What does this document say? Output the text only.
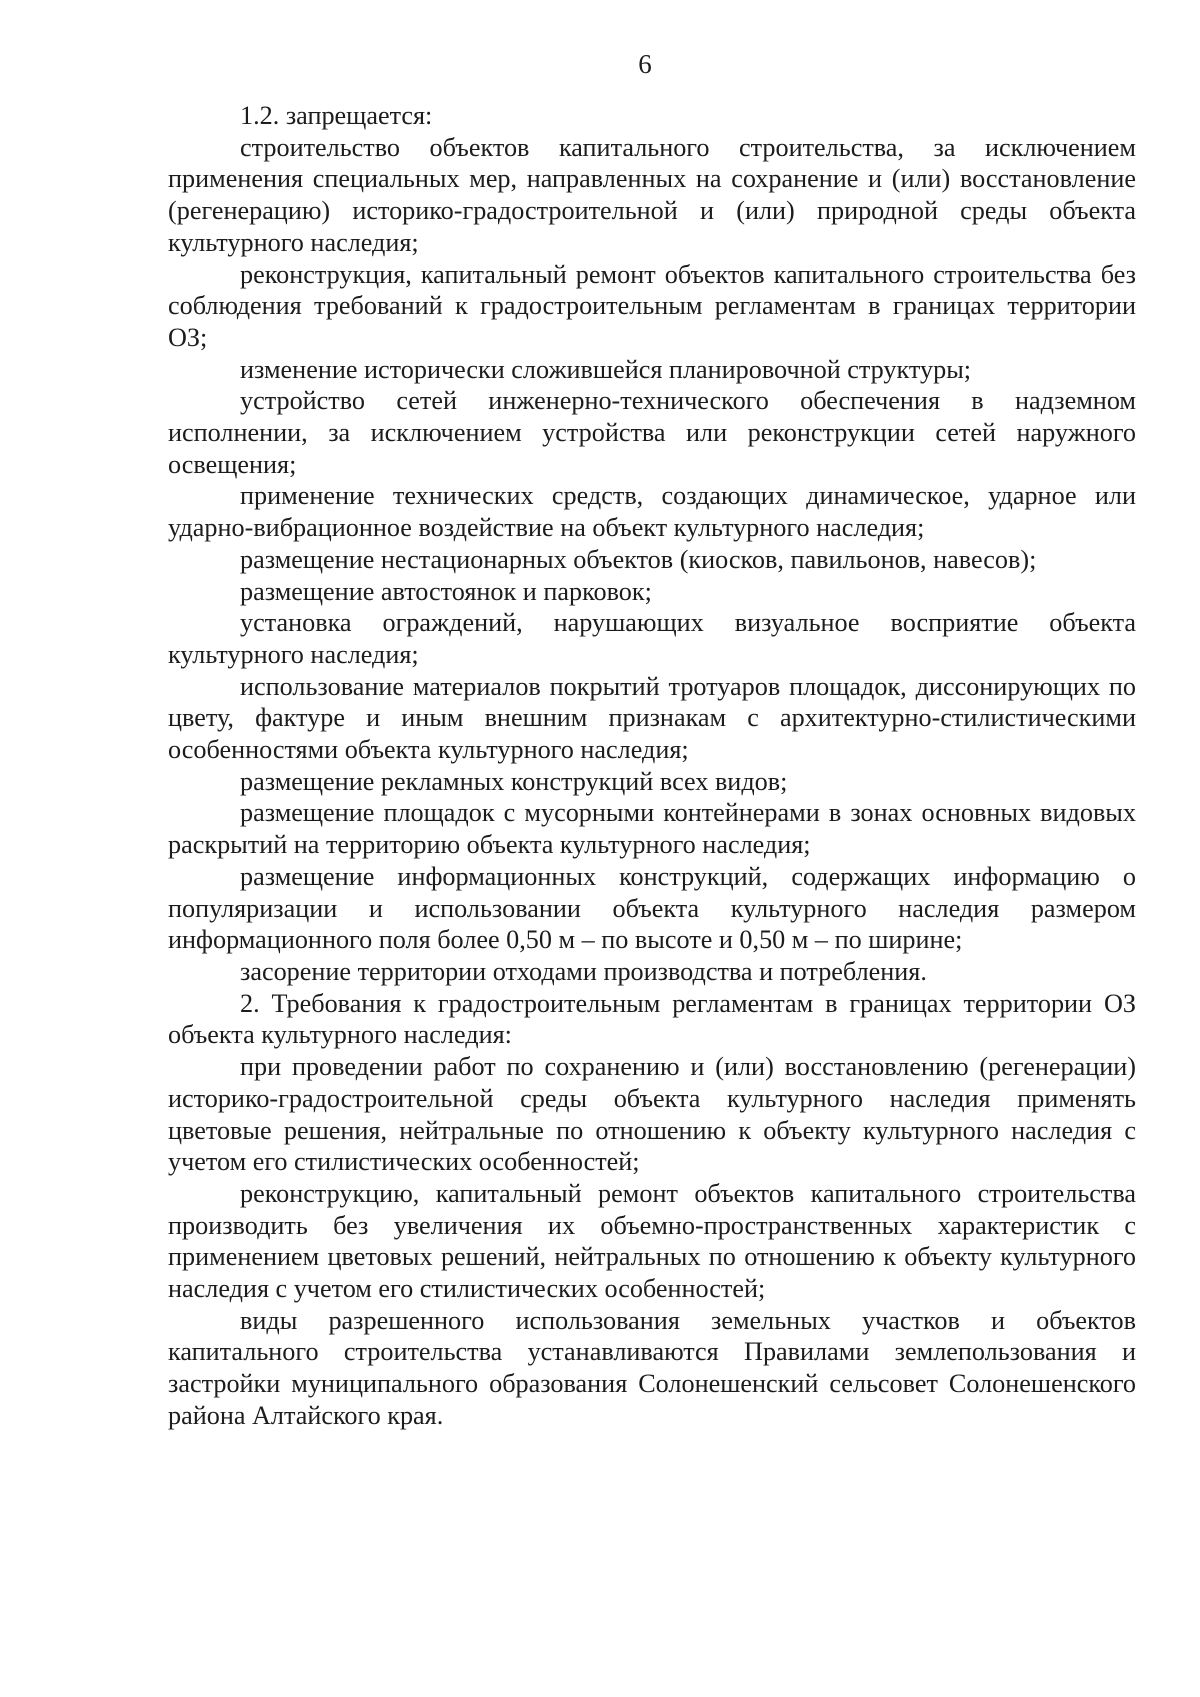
6

1.2. запрещается:

строительство объектов капитального строительства, за исключением применения специальных мер, направленных на сохранение и (или) восстановление (регенерацию) историко-градостроительной и (или) природной среды объекта культурного наследия;

реконструкция, капитальный ремонт объектов капитального строительства без соблюдения требований к градостроительным регламентам в границах территории ОЗ;

изменение исторически сложившейся планировочной структуры;

устройство сетей инженерно-технического обеспечения в надземном исполнении, за исключением устройства или реконструкции сетей наружного освещения;

применение технических средств, создающих динамическое, ударное или ударно-вибрационное воздействие на объект культурного наследия;

размещение нестационарных объектов (киосков, павильонов, навесов);

размещение автостоянок и парковок;

установка ограждений, нарушающих визуальное восприятие объекта культурного наследия;

использование материалов покрытий тротуаров площадок, диссонирующих по цвету, фактуре и иным внешним признакам с архитектурно-стилистическими особенностями объекта культурного наследия;

размещение рекламных конструкций всех видов;

размещение площадок с мусорными контейнерами в зонах основных видовых раскрытий на территорию объекта культурного наследия;

размещение информационных конструкций, содержащих информацию о популяризации и использовании объекта культурного наследия размером информационного поля более 0,50 м – по высоте и 0,50 м – по ширине;

засорение территории отходами производства и потребления.

2. Требования к градостроительным регламентам в границах территории ОЗ объекта культурного наследия:

при проведении работ по сохранению и (или) восстановлению (регенерации) историко-градостроительной среды объекта культурного наследия применять цветовые решения, нейтральные по отношению к объекту культурного наследия с учетом его стилистических особенностей;

реконструкцию, капитальный ремонт объектов капитального строительства производить без увеличения их объемно-пространственных характеристик с применением цветовых решений, нейтральных по отношению к объекту культурного наследия с учетом его стилистических особенностей;

виды разрешенного использования земельных участков и объектов капитального строительства устанавливаются Правилами землепользования и застройки муниципального образования Солонешенский сельсовет Солонешенского района Алтайского края.
